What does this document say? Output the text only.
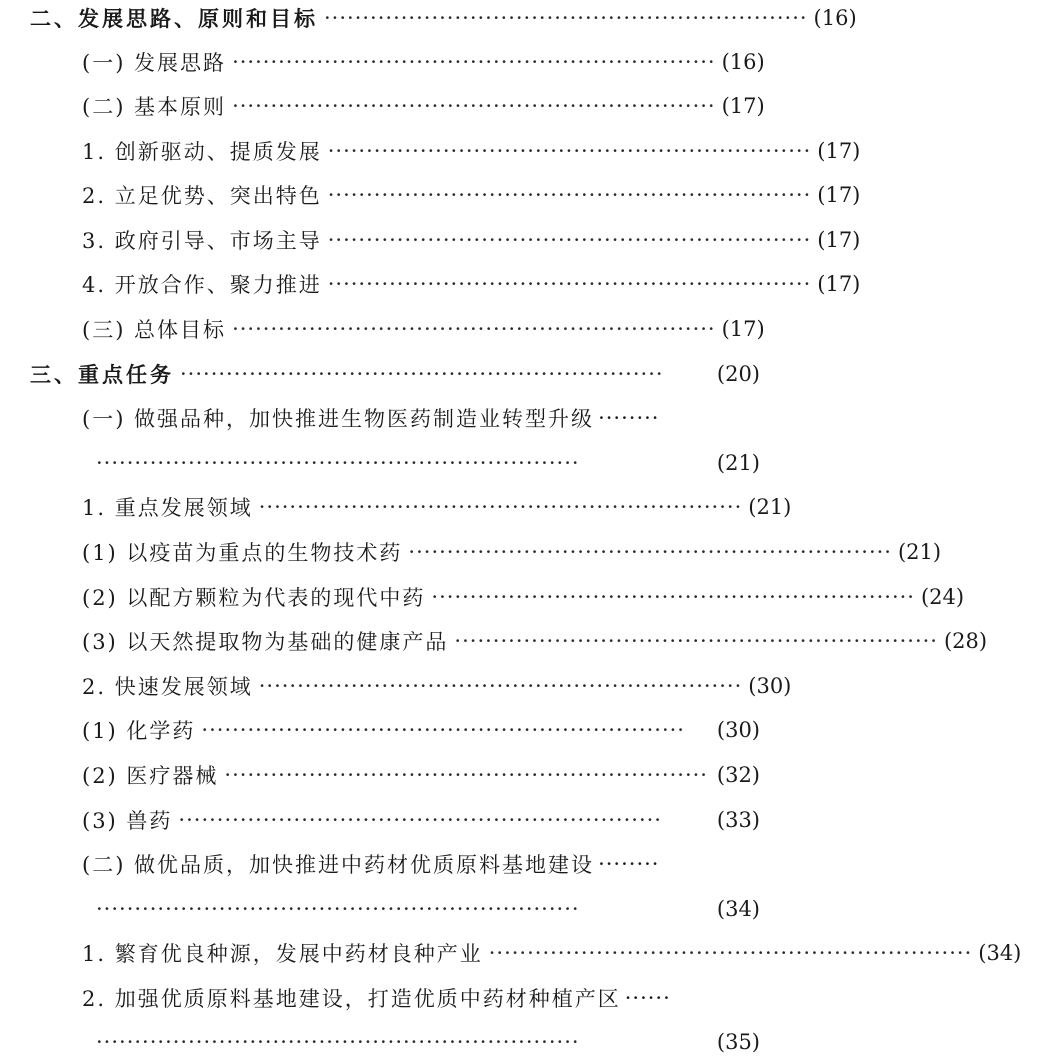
二、发展思路、原则和目标 ······························································· (16)
(一) 发展思路 ······························································· (16)
(二) 基本原则 ······························································· (17)
1. 创新驱动、提质发展 ······························································· (17)
2. 立足优势、突出特色 ······························································· (17)
3. 政府引导、市场主导 ······························································· (17)
4. 开放合作、聚力推进 ······························································· (17)
(三) 总体目标 ······························································· (17)
三、重点任务 ·······························································	(20)
(一) 做强品种，加快推进生物医药制造业转型升级 ········
·······························································	(21)
1. 重点发展领域 ······························································· (21)
(1) 以疫苗为重点的生物技术药 ······························································· (21)
(2) 以配方颗粒为代表的现代中药 ······························································· (24)
(3) 以天然提取物为基础的健康产品 ······························································· (28)
2. 快速发展领域 ······························································· (30)
(1) 化学药 ·······························································	(30)
(2) 医疗器械 ······························································· (32)
(3) 兽药 ·······························································	(33)
(二) 做优品质，加快推进中药材优质原料基地建设 ········
·······························································	(34)
1. 繁育优良种源，发展中药材良种产业 ······························································· (34)
2. 加强优质原料基地建设，打造优质中药材种植产区 ······
·······························································	(35)
